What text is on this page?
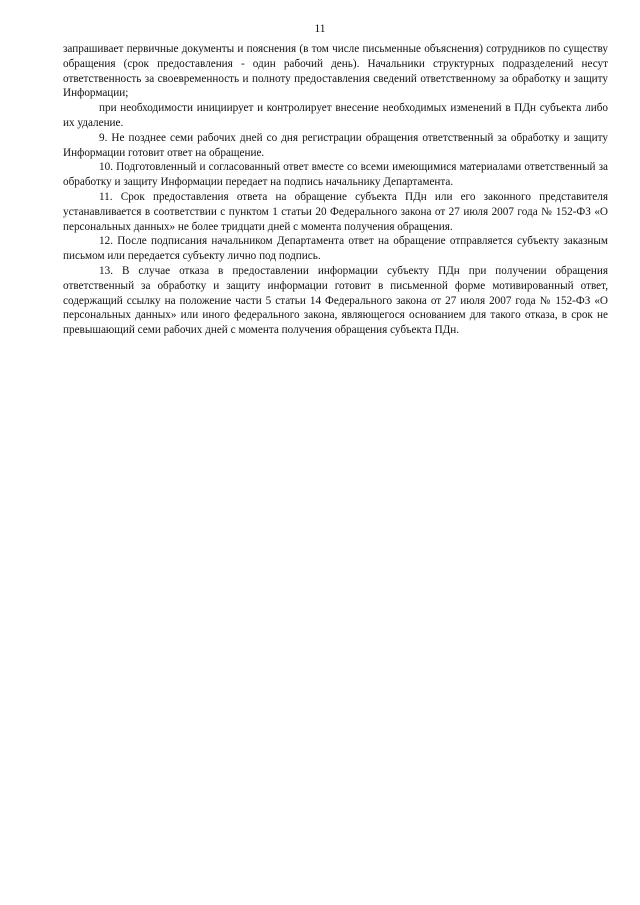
11

запрашивает первичные документы и пояснения (в том числе письменные объяснения) сотрудников по существу обращения (срок предоставления - один рабочий день). Начальники структурных подразделений несут ответственность за своевременность и полноту предоставления сведений ответственному за обработку и защиту Информации;

при необходимости инициирует и контролирует внесение необходимых изменений в ПДн субъекта либо их удаление.

9. Не позднее семи рабочих дней со дня регистрации обращения ответственный за обработку и защиту Информации готовит ответ на обращение.

10. Подготовленный и согласованный ответ вместе со всеми имеющимися материалами ответственный за обработку и защиту Информации передает на подпись начальнику Департамента.

11. Срок предоставления ответа на обращение субъекта ПДн или его законного представителя устанавливается в соответствии с пунктом 1 статьи 20 Федерального закона от 27 июля 2007 года № 152-ФЗ «О персональных данных» не более тридцати дней с момента получения обращения.

12. После подписания начальником Департамента ответ на обращение отправляется субъекту заказным письмом или передается субъекту лично под подпись.

13. В случае отказа в предоставлении информации субъекту ПДн при получении обращения ответственный за обработку и защиту информации готовит в письменной форме мотивированный ответ, содержащий ссылку на положение части 5 статьи 14 Федерального закона от 27 июля 2007 года № 152-ФЗ «О персональных данных» или иного федерального закона, являющегося основанием для такого отказа, в срок не превышающий семи рабочих дней с момента получения обращения субъекта ПДн.
